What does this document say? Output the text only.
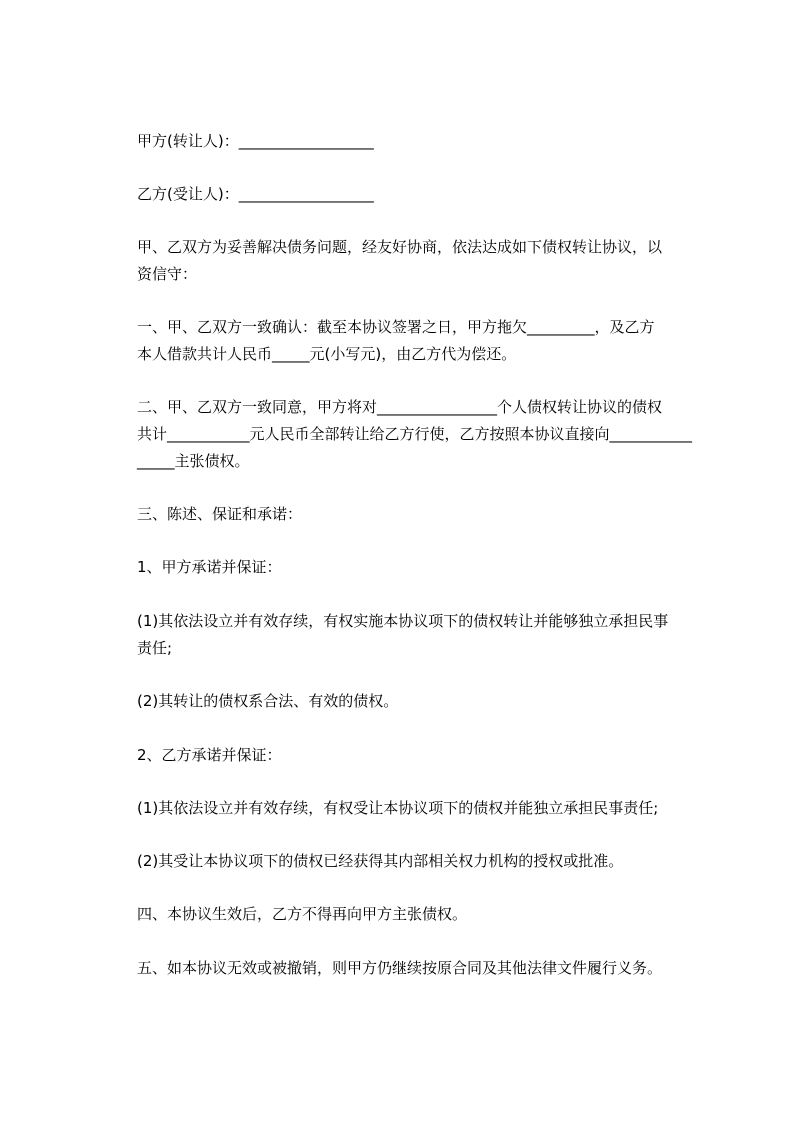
甲方(转让人)：__________________
乙方(受让人)：__________________
甲、乙双方为妥善解决债务问题，经友好协商，依法达成如下债权转让协议，以
资信守：
一、甲、乙双方一致确认：截至本协议签署之日，甲方拖欠_________，及乙方
本人借款共计人民币_____元(小写元)，由乙方代为偿还。
二、甲、乙双方一致同意，甲方将对________________个人债权转让协议的债权
共计___________元人民币全部转让给乙方行使，乙方按照本协议直接向___________
_____主张债权。
三、陈述、保证和承诺：
1、甲方承诺并保证：
(1)其依法设立并有效存续，有权实施本协议项下的债权转让并能够独立承担民事
责任;
(2)其转让的债权系合法、有效的债权。
2、乙方承诺并保证：
(1)其依法设立并有效存续，有权受让本协议项下的债权并能独立承担民事责任;
(2)其受让本协议项下的债权已经获得其内部相关权力机构的授权或批准。
四、本协议生效后，乙方不得再向甲方主张债权。
五、如本协议无效或被撤销，则甲方仍继续按原合同及其他法律文件履行义务。
